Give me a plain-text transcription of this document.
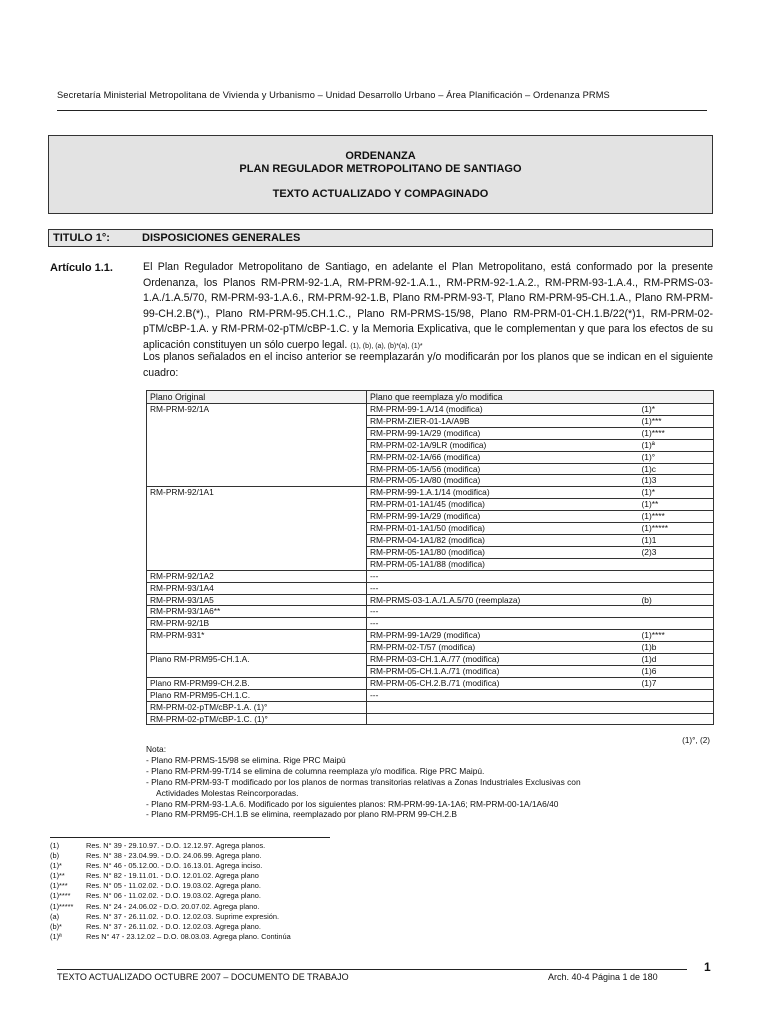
Secretaría Ministerial Metropolitana de Vivienda y Urbanismo – Unidad Desarrollo Urbano – Área Planificación – Ordenanza PRMS
ORDENANZA
PLAN REGULADOR METROPOLITANO DE SANTIAGO
TEXTO ACTUALIZADO Y COMPAGINADO
TITULO 1°:	DISPOSICIONES GENERALES
Artículo 1.1.	El Plan Regulador Metropolitano de Santiago, en adelante el Plan Metropolitano, está conformado por la presente Ordenanza, los Planos RM-PRM-92-1.A, RM-PRM-92-1.A.1., RM-PRM-92-1.A.2., RM-PRM-93-1.A.4., RM-PRMS-03-1.A./1.A.5/70, RM-PRM-93-1.A.6., RM-PRM-92-1.B, Plano RM-PRM-93-T, Plano RM-PRM-95-CH.1.A., Plano RM-PRM-99-CH.2.B(*)., Plano RM-PRM-95.CH.1.C., Plano RM-PRMS-15/98, Plano RM-PRM-01-CH.1.B/22(*)1, RM-PRM-02-pTM/cBP-1.A. y RM-PRM-02-pTM/cBP-1.C. y la Memoria Explicativa, que le complementan y que para los efectos de su aplicación constituyen un sólo cuerpo legal. (1), (b), (a), (b)*(a), (1)*
Los planos señalados en el inciso anterior se reemplazarán y/o modificarán por los planos que se indican en el siguiente cuadro:
Plano Original	Plano que reemplaza y/o modifica	
RM-PRM-92/1A	RM-PRM-99-1.A/14 (modifica)	(1)*
	RM-PRM-ZIER-01-1A/A9B	(1)***
	RM-PRM-99-1A/29 (modifica)	(1)****
	RM-PRM-02-1A/9LR (modifica)	(1)ª
	RM-PRM-02-1A/66 (modifica)	(1)°
	RM-PRM-05-1A/56 (modifica)	(1)c
	RM-PRM-05-1A/80 (modifica)	(1)3
RM-PRM-92/1A1	RM-PRM-99-1.A.1/14 (modifica)	(1)*
	RM-PRM-01-1A1/45 (modifica)	(1)**
	RM-PRM-99-1A/29 (modifica)	(1)****
	RM-PRM-01-1A1/50 (modifica)	(1)*****
	RM-PRM-04-1A1/82 (modifica)	(1)1
	RM-PRM-05-1A1/80 (modifica)	(2)3
	RM-PRM-05-1A1/88 (modifica)	
RM-PRM-92/1A2	---	
RM-PRM-93/1A4	---	
RM-PRM-93/1A5	RM-PRMS-03-1.A./1.A.5/70 (reemplaza)	(b)
RM-PRM-93/1A6**	---	
RM-PRM-92/1B	---	
RM-PRM-931*	RM-PRM-99-1A/29 (modifica)	(1)****
	RM-PRM-02-T/57 (modifica)	(1)b
Plano RM-PRM95-CH.1.A.	RM-PRM-03-CH.1.A./77 (modifica)	(1)d
	RM-PRM-05-CH.1.A./71 (modifica)	(1)6
Plano RM-PRM99-CH.2.B.	RM-PRM-05-CH.2.B./71 (modifica)	(1)7
Plano RM-PRM95-CH.1.C.	---	
RM-PRM-02-pTM/cBP-1.A. (1)°		
RM-PRM-02-pTM/cBP-1.C. (1)°		
(1)°, (2)
Nota:
- Plano RM-PRMS-15/98 se elimina. Rige PRC Maipú
- Plano RM-PRM-99-T/14 se elimina de columna reemplaza y/o modifica. Rige PRC Maipú.
- Plano RM-PRM-93-T modificado por los planos de normas transitorias relativas a Zonas Industriales Exclusivas con
Actividades Molestas Reincorporadas.
- Plano RM-PRM-93-1.A.6. Modificado por los siguientes planos: RM-PRM-99-1A-1A6; RM-PRM-00-1A/1A6/40
- Plano RM-PRM95-CH.1.B se elimina, reemplazado por plano RM-PRM 99-CH.2.B
(1)	Res. N° 39 - 29.10.97. - D.O. 12.12.97. Agrega planos.
(b)	Res. N° 38 - 23.04.99. - D.O. 24.06.99. Agrega plano.
(1)*	Res. N° 46 - 05.12.00. - D.O. 16.13.01. Agrega inciso.
(1)**	Res. N° 82 - 19.11.01. - D.O. 12.01.02. Agrega plano
(1)***	Res. N° 05 - 11.02.02. - D.O. 19.03.02. Agrega plano.
(1)****	Res. N° 06 - 11.02.02. - D.O. 19.03.02. Agrega plano.
(1)*****	Res. N° 24 - 24.06.02 - D.O. 20.07.02. Agrega plano.
(a)	Res. N° 37 - 26.11.02. - D.O. 12.02.03. Suprime expresión.
(b)*	Res. N° 37 - 26.11.02. - D.O. 12.02.03. Agrega plano.
(1)ª	Res N° 47 - 23.12.02 – D.O. 08.03.03. Agrega plano. Continúa
TEXTO ACTUALIZADO OCTUBRE 2007 – DOCUMENTO DE TRABAJO	Arch. 40-4 Página 1 de 180
1
